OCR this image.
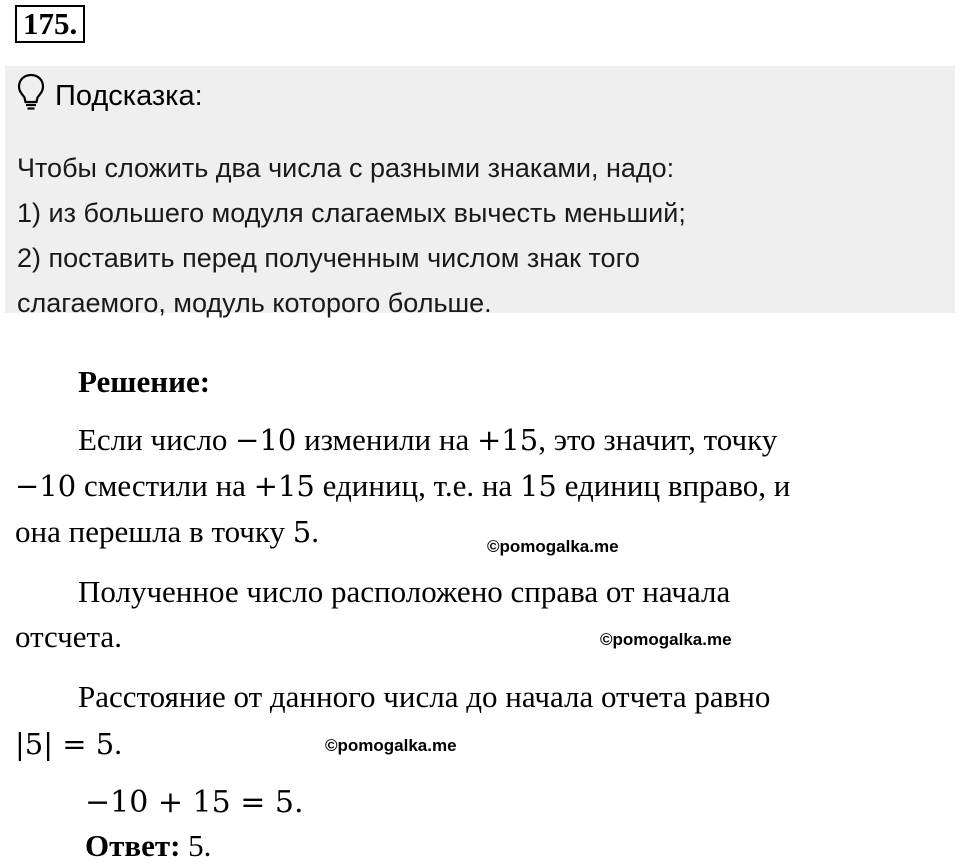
175.
Подсказка:
Чтобы сложить два числа с разными знаками, надо:
1) из большего модуля слагаемых вычесть меньший;
2) поставить перед полученным числом знак того
слагаемого, модуль которого больше.
Решение:
Если число −10 изменили на +15, это значит, точку
−10 сместили на +15 единиц, т.е. на 15 единиц вправо, и
она перешла в точку 5.	©pomogalka.me
Полученное число расположено справа от начала
отсчета.	©pomogalka.me
Расстояние от данного числа до начала отчета равно
|5| = 5.	©pomogalka.me
−10 + 15 = 5.
Ответ: 5.
